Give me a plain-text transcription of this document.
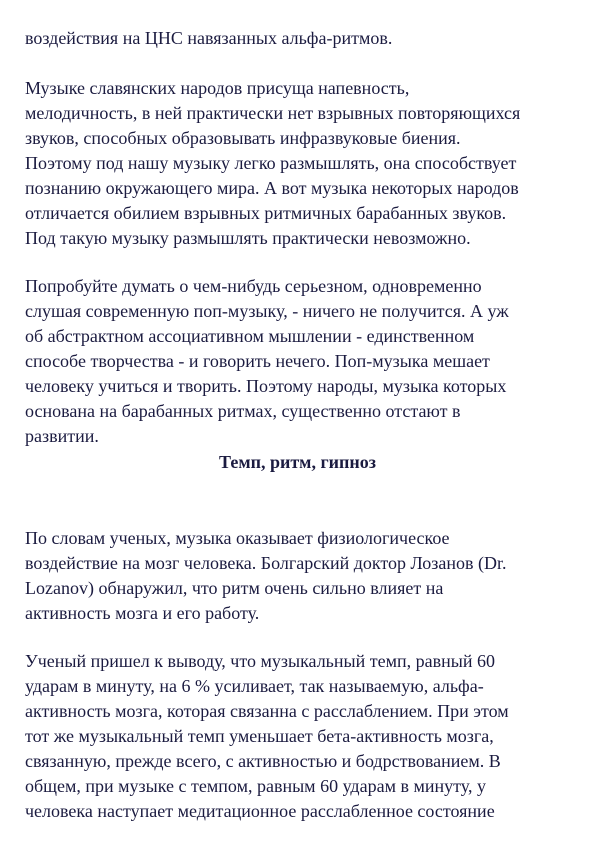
воздействия на ЦНС навязанных альфа-ритмов.
Музыке славянских народов присуща напевность,
мелодичность, в ней практически нет взрывных повторяющихся
звуков, способных образовывать инфразвуковые биения.
Поэтому под нашу музыку легко размышлять, она способствует
познанию окружающего мира. А вот музыка некоторых народов
отличается обилием взрывных ритмичных барабанных звуков.
Под такую музыку размышлять практически невозможно.
Попробуйте думать о чем-нибудь серьезном, одновременно
слушая современную поп-музыку, - ничего не получится. А уж
об абстрактном ассоциативном мышлении - единственном
способе творчества - и говорить нечего. Поп-музыка мешает
человеку учиться и творить. Поэтому народы, музыка которых
основана на барабанных ритмах, существенно отстают в
развитии.
Темп, ритм, гипноз
По словам ученых, музыка оказывает физиологическое
воздействие на мозг человека. Болгарский доктор Лозанов (Dr.
Lozanov) обнаружил, что ритм очень сильно влияет на
активность мозга и его работу.
Ученый пришел к выводу, что музыкальный темп, равный 60
ударам в минуту, на 6 % усиливает, так называемую, альфа-
активность мозга, которая связанна с расслаблением. При этом
тот же музыкальный темп уменьшает бета-активность мозга,
связанную, прежде всего, с активностью и бодрствованием. В
общем, при музыке с темпом, равным 60 ударам в минуту, у
человека наступает медитационное расслабленное состояние
